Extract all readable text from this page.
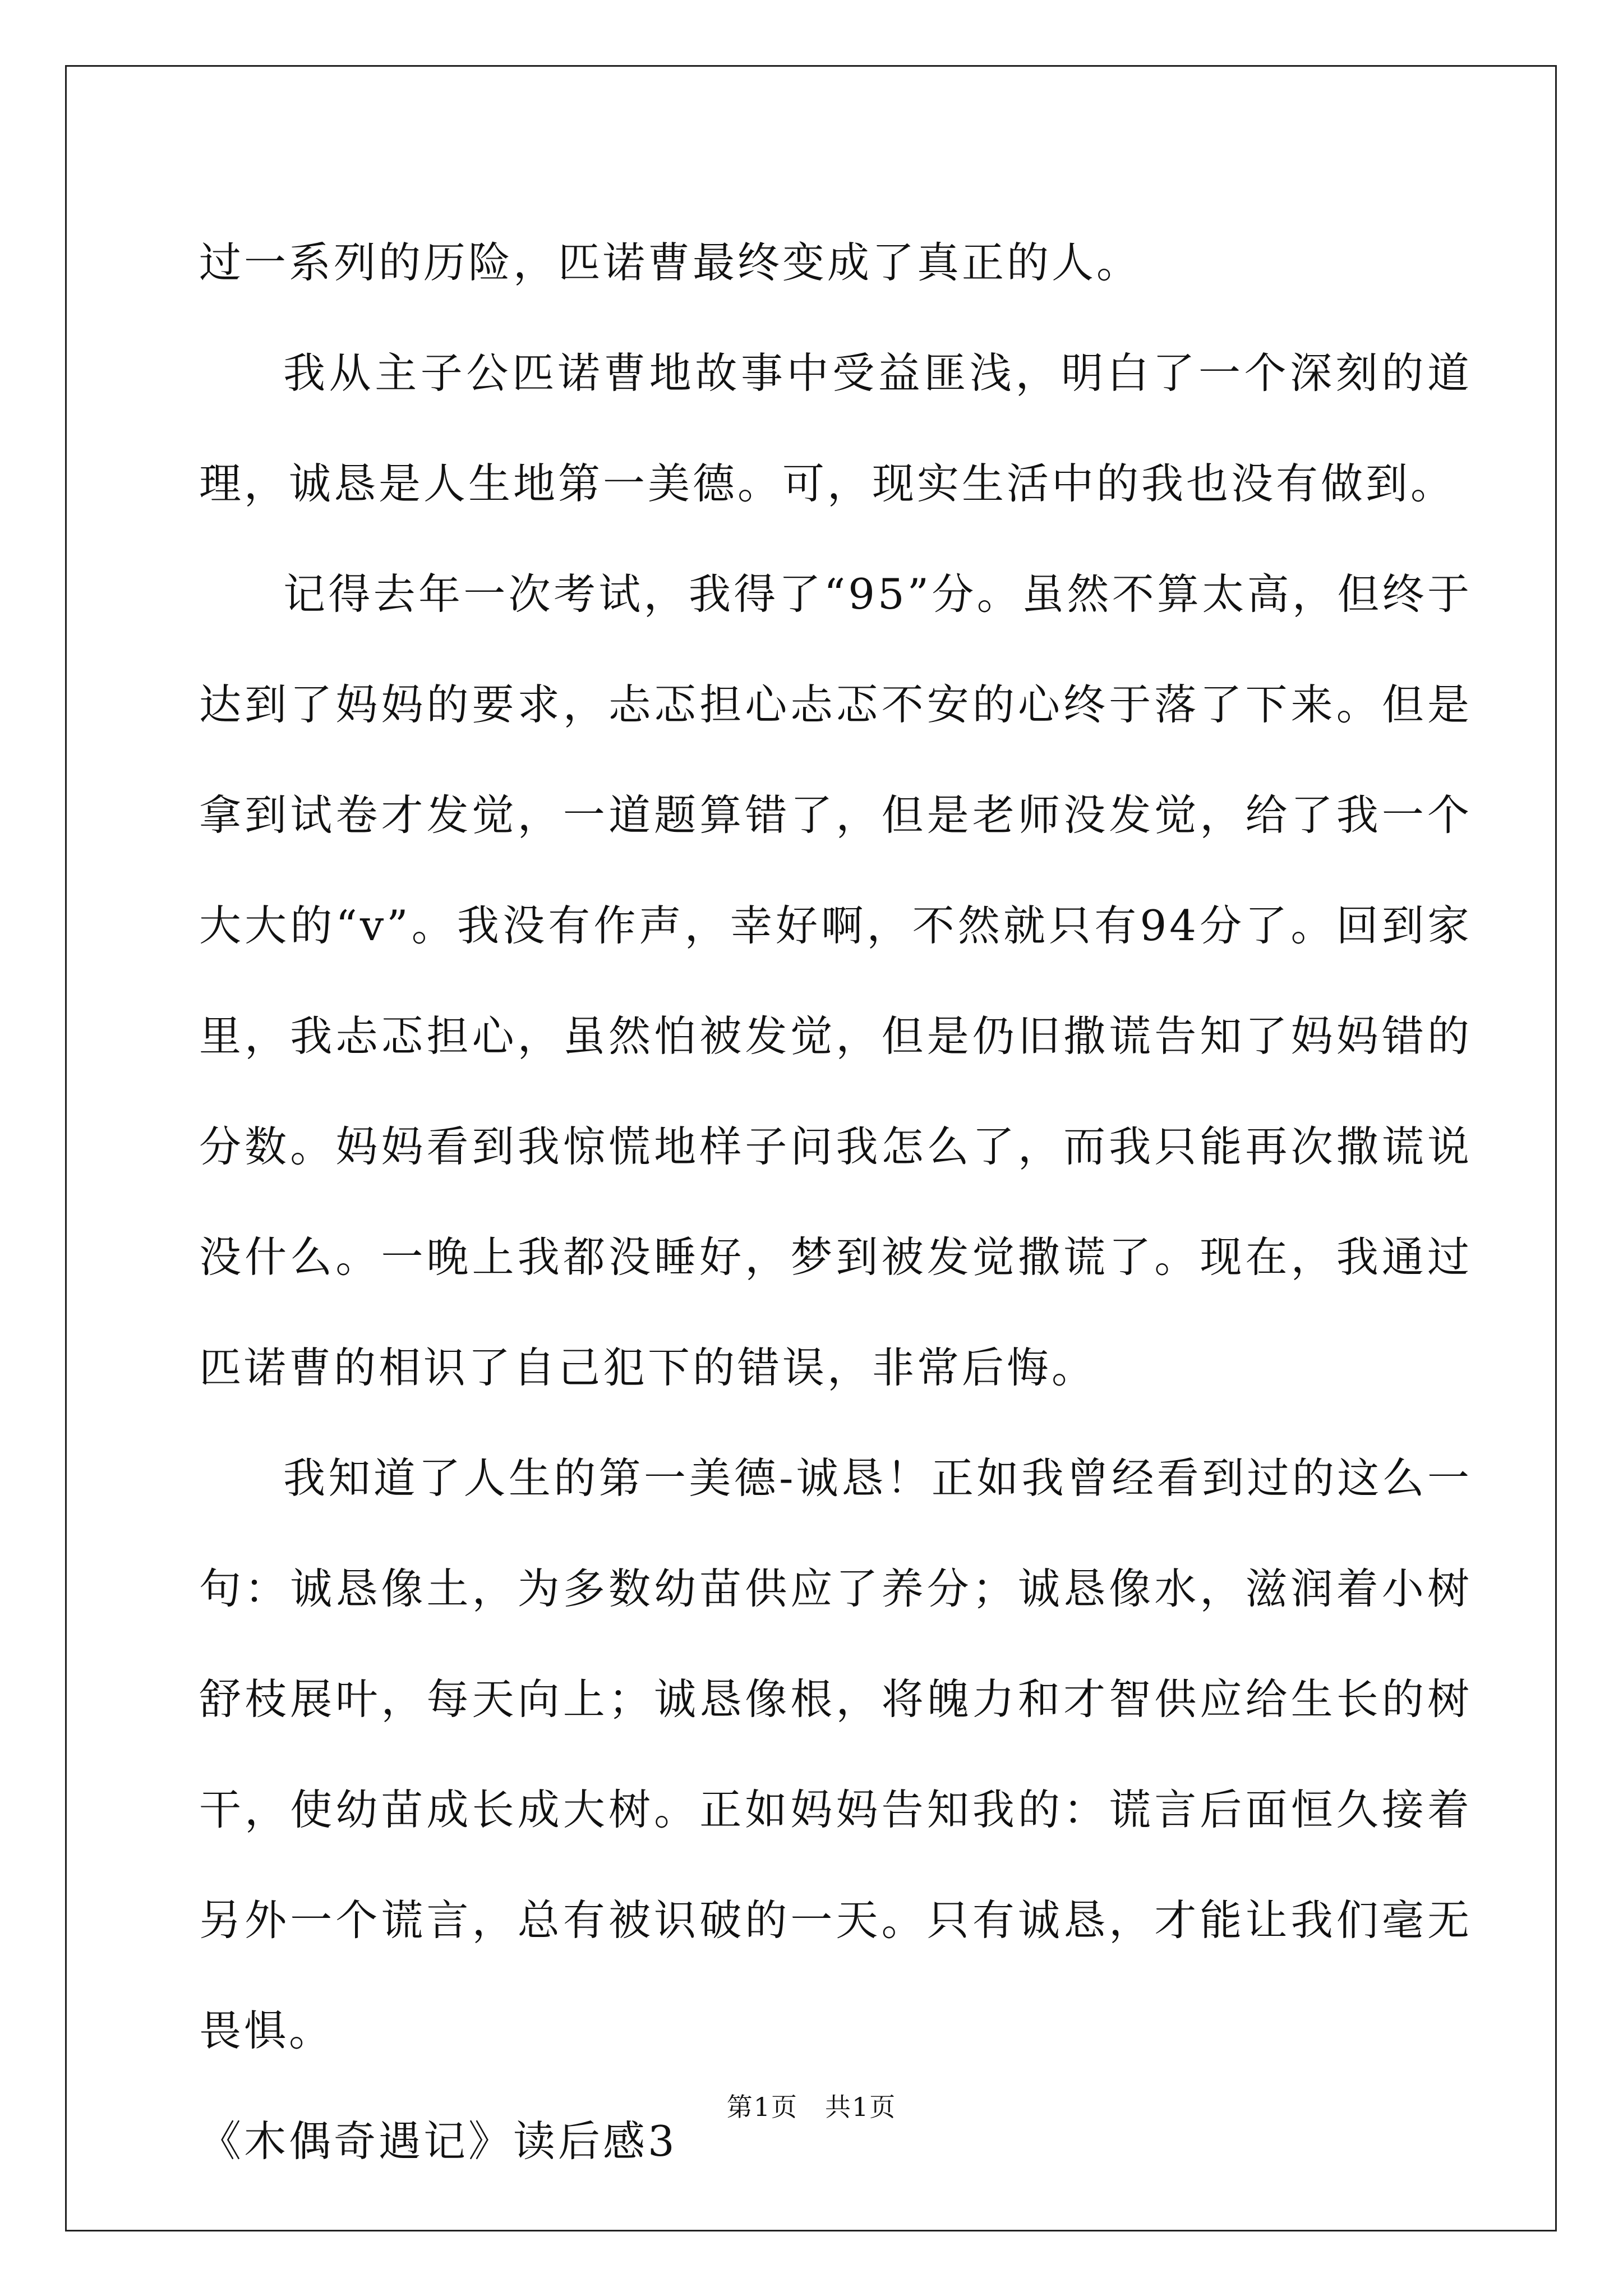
过一系列的历险，匹诺曹最终变成了真正的人。

我从主子公匹诺曹地故事中受益匪浅，明白了一个深刻的道理，诚恳是人生地第一美德。可，现实生活中的我也没有做到。

记得去年一次考试，我得了“95”分。虽然不算太高，但终于达到了妈妈的要求，忐忑担心忐忑不安的心终于落了下来。但是拿到试卷才发觉，一道题算错了，但是老师没发觉，给了我一个大大的“v”。我没有作声，幸好啊，不然就只有94分了。回到家里，我忐忑担心，虽然怕被发觉，但是仍旧撒谎告知了妈妈错的分数。妈妈看到我惊慌地样子问我怎么了，而我只能再次撒谎说没什么。一晚上我都没睡好，梦到被发觉撒谎了。现在，我通过匹诺曹的相识了自己犯下的错误，非常后悔。

我知道了人生的第一美德-诚恳！正如我曾经看到过的这么一句：诚恳像土，为多数幼苗供应了养分；诚恳像水，滋润着小树舒枝展叶，每天向上；诚恳像根，将魄力和才智供应给生长的树干，使幼苗成长成大树。正如妈妈告知我的：谎言后面恒久接着另外一个谎言，总有被识破的一天。只有诚恳，才能让我们毫无畏惧。

《木偶奇遇记》读后感3

第1页　共1页
